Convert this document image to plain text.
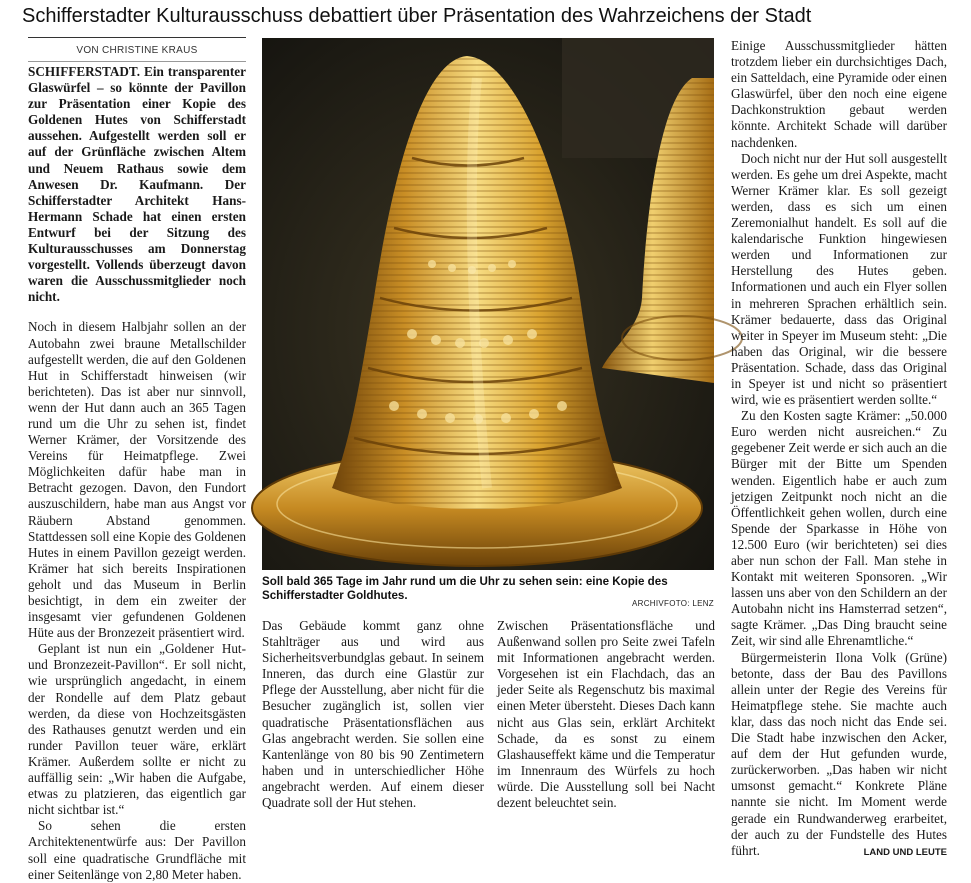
Schifferstadter Kulturausschuss debattiert über Präsentation des Wahrzeichens der Stadt
VON CHRISTINE KRAUS

SCHIFFERSTADT. Ein transparenter Glaswürfel – so könnte der Pavillon zur Präsentation einer Kopie des Goldenen Hutes von Schifferstadt aussehen. Aufgestellt werden soll er auf der Grünfläche zwischen Altem und Neuem Rathaus sowie dem Anwesen Dr. Kaufmann. Der Schifferstadter Architekt Hans-Hermann Schade hat einen ersten Entwurf bei der Sitzung des Kulturausschusses am Donnerstag vorgestellt. Vollends überzeugt davon waren die Ausschussmitglieder noch nicht.

Noch in diesem Halbjahr sollen an der Autobahn zwei braune Metallschilder aufgestellt werden, die auf den Goldenen Hut in Schifferstadt hinweisen (wir berichteten). Das ist aber nur sinnvoll, wenn der Hut dann auch an 365 Tagen rund um die Uhr zu sehen ist, findet Werner Krämer, der Vorsitzende des Vereins für Heimatpflege. Zwei Möglichkeiten dafür habe man in Betracht gezogen. Davon, den Fundort auszuschildern, habe man aus Angst vor Räubern Abstand genommen. Stattdessen soll eine Kopie des Goldenen Hutes in einem Pavillon gezeigt werden. Krämer hat sich bereits Inspirationen geholt und das Museum in Berlin besichtigt, in dem ein zweiter der insgesamt vier gefundenen Goldenen Hüte aus der Bronzezeit präsentiert wird.

Geplant ist nun ein „Goldener Hut- und Bronzezeit-Pavillon“. Er soll nicht, wie ursprünglich angedacht, in einem der Rondelle auf dem Platz gebaut werden, da diese von Hochzeitsgästen des Rathauses genutzt werden und ein runder Pavillon teuer wäre, erklärt Krämer. Außerdem sollte er nicht zu auffällig sein: „Wir haben die Aufgabe, etwas zu platzieren, das eigentlich gar nicht sichtbar ist.“

So sehen die ersten Architektenentwürfe aus: Der Pavillon soll eine quadratische Grundfläche mit einer Seitenlänge von 2,80 Meter haben.

Soll bald 365 Tage im Jahr rund um die Uhr zu sehen sein: eine Kopie des Schifferstadter Goldhutes.
ARCHIVFOTO: LENZ

Das Gebäude kommt ganz ohne Stahlträger aus und wird aus Sicherheitsverbundglas gebaut. In seinem Inneren, das durch eine Glastür zur Pflege der Ausstellung, aber nicht für die Besucher zugänglich ist, sollen vier quadratische Präsentationsflächen aus Glas angebracht werden. Sie sollen eine Kantenlänge von 80 bis 90 Zentimetern haben und in unterschiedlicher Höhe angebracht werden. Auf einem dieser Quadrate soll der Hut stehen.

Zwischen Präsentationsfläche und Außenwand sollen pro Seite zwei Tafeln mit Informationen angebracht werden. Vorgesehen ist ein Flachdach, das an jeder Seite als Regenschutz bis maximal einen Meter übersteht. Dieses Dach kann nicht aus Glas sein, erklärt Architekt Schade, da es sonst zu einem Glashauseffekt käme und die Temperatur im Innenraum des Würfels zu hoch würde. Die Ausstellung soll bei Nacht dezent beleuchtet sein.

Einige Ausschussmitglieder hätten trotzdem lieber ein durchsichtiges Dach, ein Satteldach, eine Pyramide oder einen Glaswürfel, über den noch eine eigene Dachkonstruktion gebaut werden könnte. Architekt Schade will darüber nachdenken.

Doch nicht nur der Hut soll ausgestellt werden. Es gehe um drei Aspekte, macht Werner Krämer klar. Es soll gezeigt werden, dass es sich um einen Zeremonialhut handelt. Es soll auf die kalendarische Funktion hingewiesen werden und Informationen zur Herstellung des Hutes geben. Informationen und auch ein Flyer sollen in mehreren Sprachen erhältlich sein. Krämer bedauerte, dass das Original weiter in Speyer im Museum steht: „Die haben das Original, wir die bessere Präsentation. Schade, dass das Original in Speyer ist und nicht so präsentiert wird, wie es präsentiert werden sollte.“

Zu den Kosten sagte Krämer: „50.000 Euro werden nicht ausreichen.“ Zu gegebener Zeit werde er sich auch an die Bürger mit der Bitte um Spenden wenden. Eigentlich habe er auch zum jetzigen Zeitpunkt noch nicht an die Öffentlichkeit gehen wollen, durch eine Spende der Sparkasse in Höhe von 12.500 Euro (wir berichteten) sei dies aber nun schon der Fall. Man stehe in Kontakt mit weiteren Sponsoren. „Wir lassen uns aber von den Schildern an der Autobahn nicht ins Hamsterrad setzen“, sagte Krämer. „Das Ding braucht seine Zeit, wir sind alle Ehrenamtliche.“

Bürgermeisterin Ilona Volk (Grüne) betonte, dass der Bau des Pavillons allein unter der Regie des Vereins für Heimatpflege stehe. Sie machte auch klar, dass das noch nicht das Ende sei. Die Stadt habe inzwischen den Acker, auf dem der Hut gefunden wurde, zurückerworben. „Das haben wir nicht umsonst gemacht.“ Konkrete Pläne nannte sie nicht. Im Moment werde gerade ein Rundwanderweg erarbeitet, der auch zu der Fundstelle des Hutes führt.	LAND UND LEUTE
